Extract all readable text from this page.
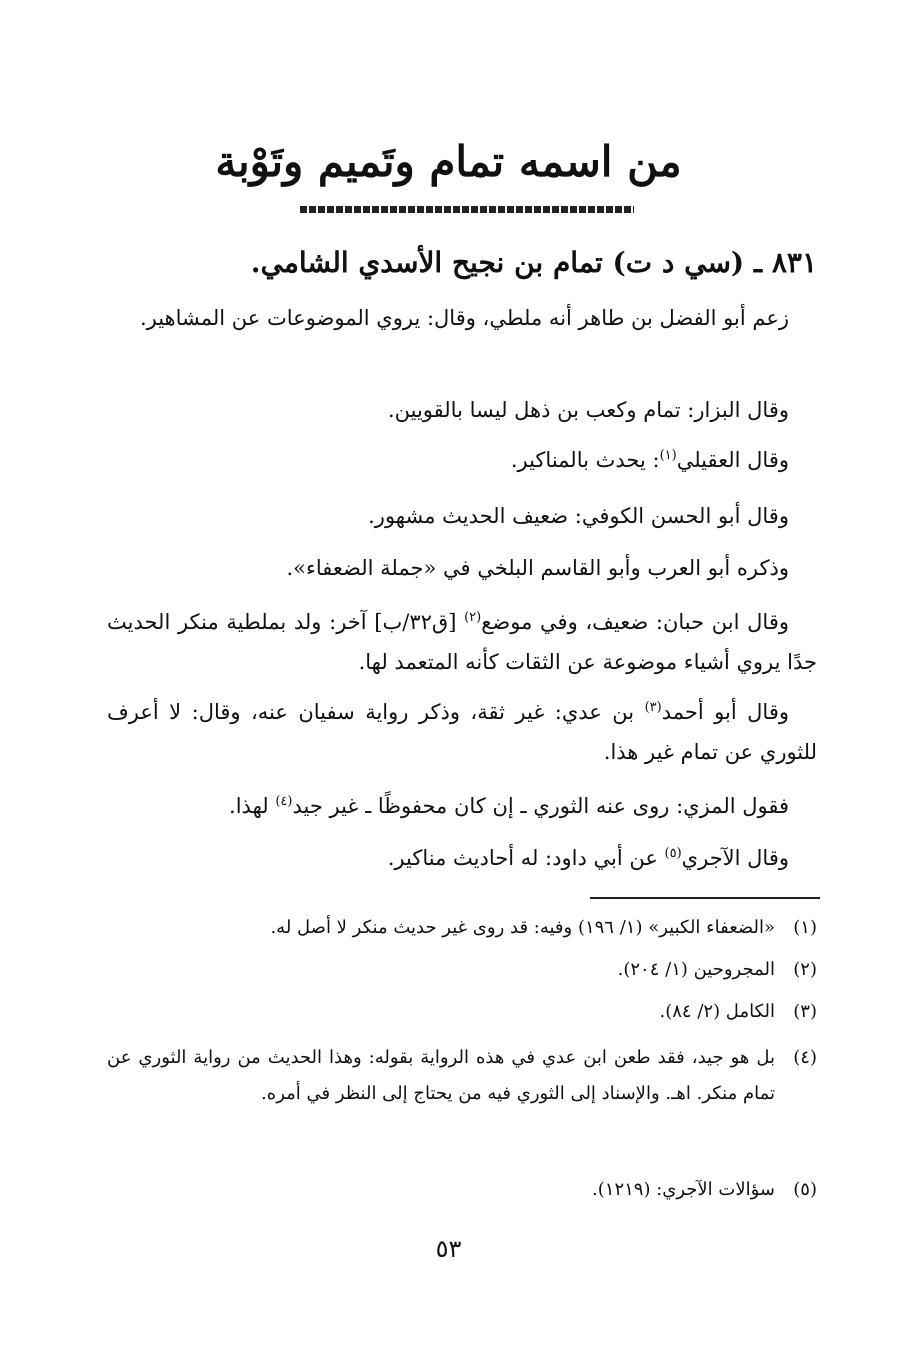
من اسمه تمام وتَميم وتَوْبة
٨٣١ ـ (سي د ت) تمام بن نجيح الأسدي الشامي.
زعم أبو الفضل بن طاهر أنه ملطي، وقال: يروي الموضوعات عن المشاهير.
وقال البزار: تمام وكعب بن ذهل ليسا بالقويين.
وقال العقيلي$^{(١)}$: يحدث بالمناكير.
وقال أبو الحسن الكوفي: ضعيف الحديث مشهور.
وذكره أبو العرب وأبو القاسم البلخي في «جملة الضعفاء».
وقال ابن حبان: ضعيف، وفي موضع$^{(٢)}$ [ق٣٢/ب] آخر: ولد بملطية منكر الحديث جدًا يروي أشياء موضوعة عن الثقات كأنه المتعمد لها.
وقال أبو أحمد$^{(٣)}$ بن عدي: غير ثقة، وذكر رواية سفيان عنه، وقال: لا أعرف للثوري عن تمام غير هذا.
فقول المزي: روى عنه الثوري ـ إن كان محفوظًا ـ غير جيد$^{(٤)}$ لهذا.
وقال الآجري$^{(٥)}$ عن أبي داود: له أحاديث مناكير.
(١)«الضعفاء الكبير» (١/ ١٩٦) وفيه: قد روى غير حديث منكر لا أصل له.
(٢)المجروحين (١/ ٢٠٤).
(٣)الكامل (٢/ ٨٤).
(٤)
بل هو جيد، فقد طعن ابن عدي في هذه الرواية بقوله: وهذا الحديث من رواية الثوري عن تمام منكر. اهـ. والإسناد إلى الثوري فيه من يحتاج إلى النظر في أمره.
(٥)سؤالات الآجري: (١٢١٩).
٥٣
